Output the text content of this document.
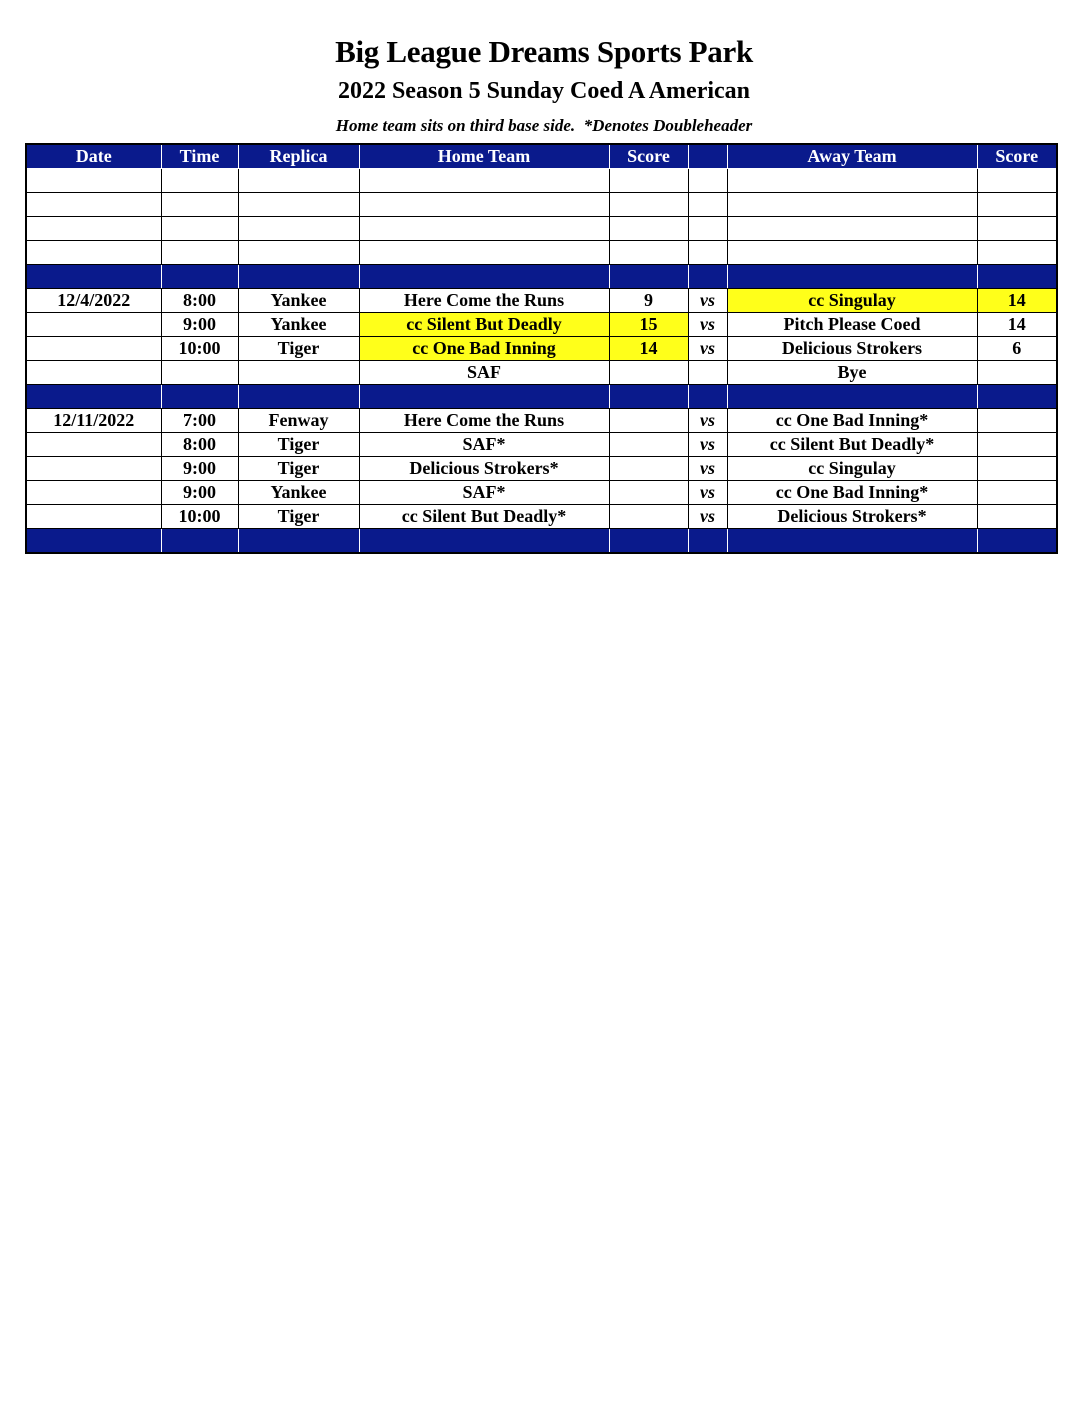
Big League Dreams Sports Park
2022 Season 5 Sunday Coed A American
Home team sits on third base side.  *Denotes Doubleheader
Date	Time	Replica	Home Team	Score		Away Team	Score

12/4/2022	8:00	Yankee	Here Come the Runs	9	vs	cc Singulay	14
	9:00	Yankee	cc Silent But Deadly	15	vs	Pitch Please Coed	14
	10:00	Tiger	cc One Bad Inning	14	vs	Delicious Strokers	6
			SAF			Bye	

12/11/2022	7:00	Fenway	Here Come the Runs		vs	cc One Bad Inning*	
	8:00	Tiger	SAF*		vs	cc Silent But Deadly*	
	9:00	Tiger	Delicious Strokers*		vs	cc Singulay	
	9:00	Yankee	SAF*		vs	cc One Bad Inning*	
	10:00	Tiger	cc Silent But Deadly*		vs	Delicious Strokers*	
